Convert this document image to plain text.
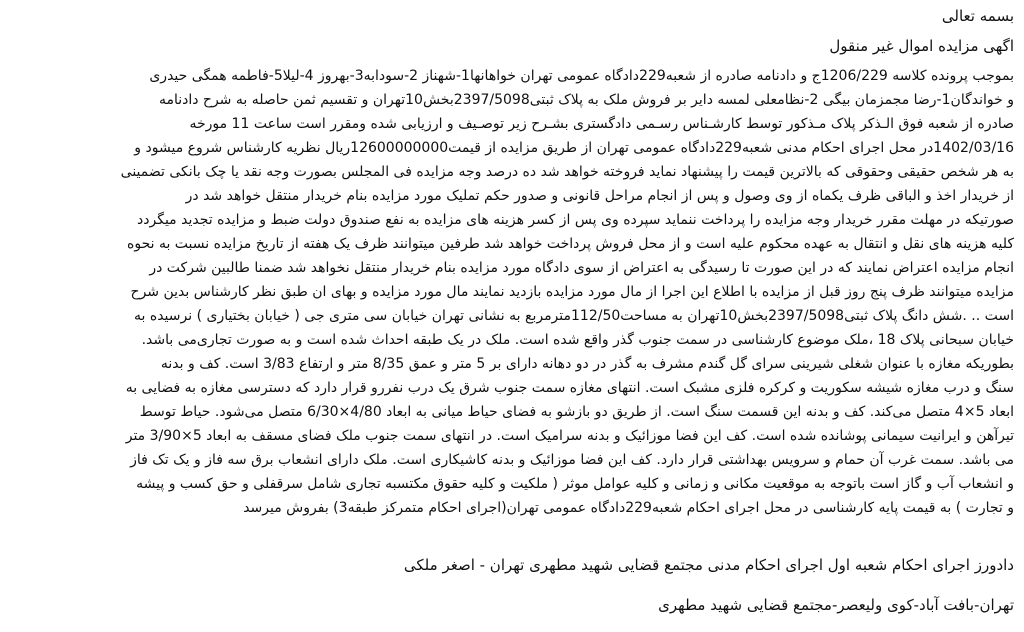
بسمه تعالی
اگهی مزایده اموال غیر منقول
بموجب پرونده کلاسه 1206/229ج و دادنامه صادره از شعبه229دادگاه عمومی تهران خواهانها1-شهناز 2-سودابه3-بهروز 4-لیلا5-فاطمه همگی حیدری
و خواندگان1-رضا مجمزمان بیگی 2-نظامعلی لمسه دایر بر فروش ملک به پلاک ثبتی2397/5098بخش10تهران و تقسیم ثمن حاصله به شرح دادنامه
صادره از شعبه فوق الـذکر پلاک مـذکور توسط کارشـناس رسـمی دادگستری بشـرح زیر توصـیف و ارزیابی شده ومقرر است ساعت 11 مورخه
1402/03/16در محل اجرای احکام مدنی شعبه229دادگاه عمومی تهران از طریق مزایده از قیمت12600000000ریال نظریه کارشناس شروع میشود و
به هر شخص حقیقی وحقوقی که بالاترین قیمت را پیشنهاد نماید فروخته خواهد شد ده درصد وجه مزایده فی المجلس بصورت وجه نقد یا چک بانکی تضمینی
از خریدار اخذ و الباقی ظرف یکماه از وی وصول و پس از انجام مراحل قانونی و صدور حکم تملیک مورد مزایده بنام خریدار منتقل خواهد شد در
صورتیکه در مهلت مقرر خریدار وجه مزایده را پرداخت ننماید سپرده وی پس از کسر هزینه های مزایده به نفع صندوق دولت ضبط و مزایده تجدید میگردد
کلیه هزینه های نقل و انتقال به عهده محکوم علیه است و از محل فروش پرداخت خواهد شد طرفین میتوانند ظرف یک هفته از تاریخ مزایده نسبت به نحوه
انجام مزایده اعتراض نمایند که در این صورت تا رسیدگی به اعتراض از سوی دادگاه مورد مزایده بنام خریدار منتقل نخواهد شد ضمنا طالبین شرکت در
مزایده میتوانند ظرف پنج روز قبل از مزایده با اطلاع این اجرا از مال مورد مزایده بازدید نمایند مال مورد مزایده و بهای ان طبق نظر کارشناس بدین شرح
است .. .شش دانگ پلاک ثبتی2397/5098بخش10تهران به مساحت112/50مترمربع به نشانی تهران خیابان سی متری جی ( خیابان بختیاری ) نرسیده به
خیابان سبحانی پلاک 18 ،ملک موضوع کارشناسی در سمت جنوب گذر واقع شده است. ملک در یک طبقه احداث شده است و به صورت تجاری‌می باشد.
بطوریکه مغازه با عنوان شغلی شیرینی سرای گل گندم مشرف به گذر در دو دهانه دارای بر 5 متر و عمق 8/35 متر و ارتفاع 3/83 است. کف و بدنه
سنگ و درب مغازه شیشه سکوریت و کرکره فلزی مشبک است. انتهای مغازه سمت جنوب شرق یک درب نفررو قرار دارد که دسترسی مغازه به فضایی به
ابعاد 5×4 متصل می‌کند. کف و بدنه این قسمت سنگ است. از طریق دو بازشو به فضای حیاط میانی به ابعاد 4/80×6/30 متصل می‌شود. حیاط توسط
تیرآهن و ایرانیت سیمانی پوشانده شده است. کف این فضا موزائیک و بدنه سرامیک است. در انتهای سمت جنوب ملک فضای مسقف به ابعاد 5×3/90 متر
می باشد. سمت غرب آن حمام و سرویس بهداشتی قرار دارد. کف این فضا موزائیک و بدنه کاشیکاری است. ملک دارای انشعاب برق سه فاز و یک تک فاز
و انشعاب آب و گاز است باتوجه به موقعیت مکانی و زمانی و کلیه عوامل موثر ( ملکیت و کلیه حقوق مکتسبه تجاری شامل سرقفلی و حق کسب و پیشه
و تجارت ) به قیمت پایه کارشناسی در محل اجرای احکام شعبه229دادگاه عمومی تهران(اجرای احکام متمرکز طبقه3) بفروش میرسد
دادورز اجرای احکام شعبه اول اجرای احکام مدنی مجتمع قضایی شهید مطهری تهران - اصغر ملکی
تهران-بافت آباد-کوی ولیعصر-مجتمع قضایی شهید مطهری
